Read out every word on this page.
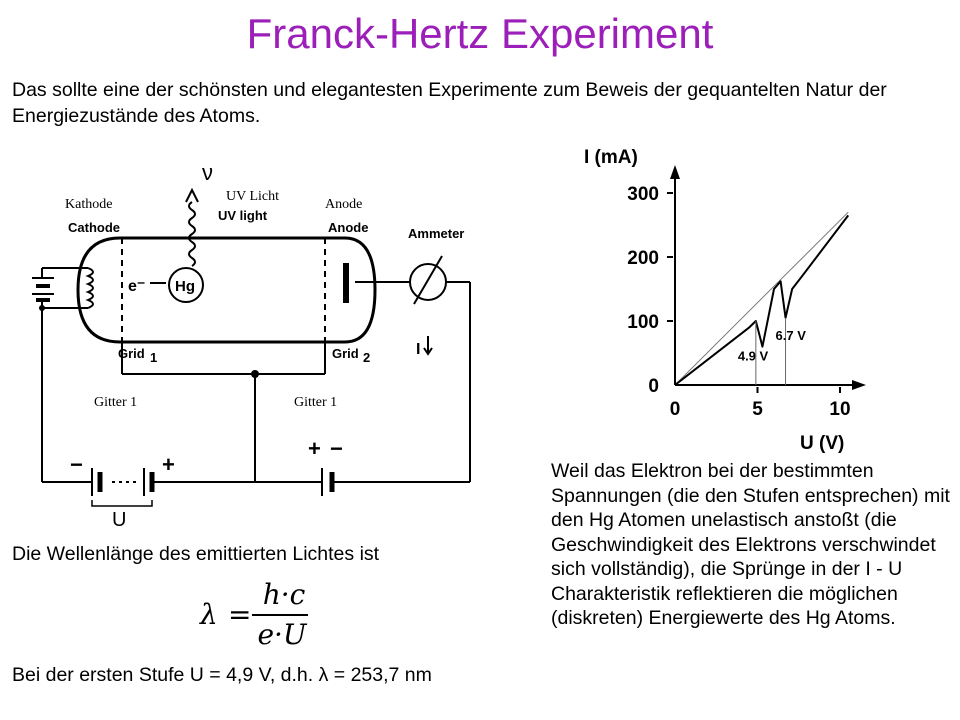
Franck-Hertz Experiment
Das sollte eine der schönsten und elegantesten Experimente zum Beweis der gequantelten Natur der Energiezustände des Atoms.
Kathode
UV Licht
Anode
Cathode
UV light
Anode	Ammeter
e⁻ Hg
Grid 1	Grid 2
Gitter 1	Gitter 1
ν
I
U
+
−
+ −
0
100
200
300
0	5	10
4.9 V
6.7 V
I (mA)
U (V)
Die Wellenlänge des emittierten Lichtes ist
λ =
h·c
e·U
Bei der ersten Stufe U = 4,9 V, d.h. λ = 253,7 nm
Weil das Elektron bei der bestimmten Spannungen (die den Stufen entsprechen) mit den Hg Atomen unelastisch anstoßt (die Geschwindigkeit des Elektrons verschwindet sich vollständig), die Sprünge in der I - U Charakteristik reflektieren die möglichen (diskreten) Energiewerte des Hg Atoms.
